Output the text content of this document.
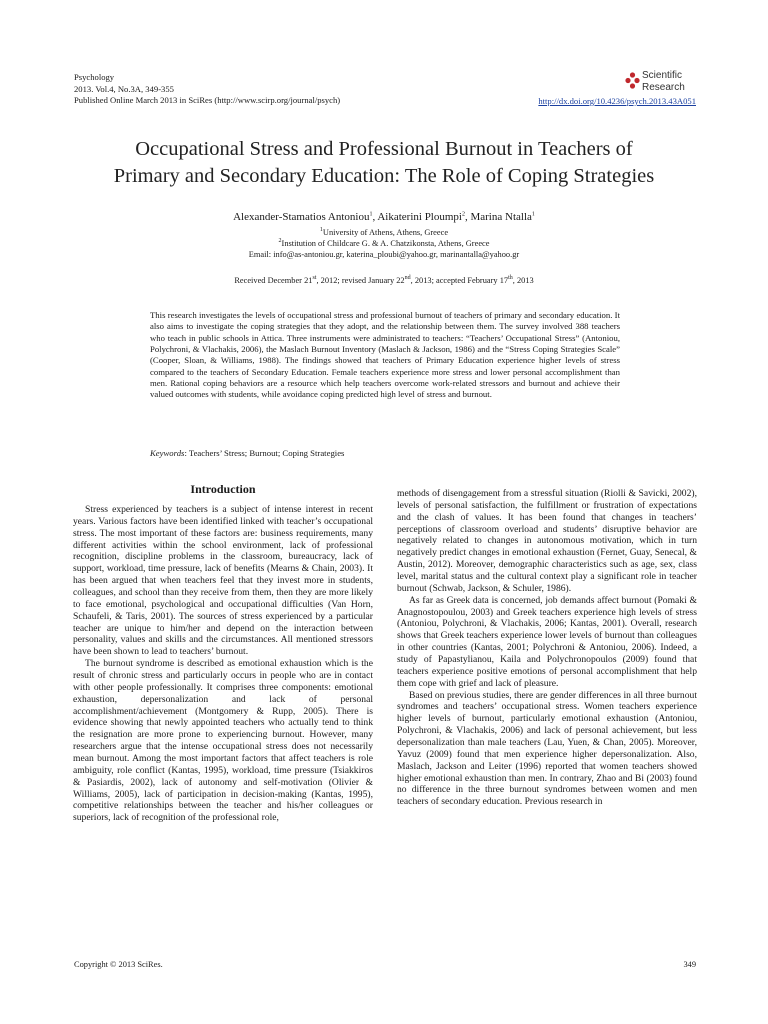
Psychology
2013. Vol.4, No.3A, 349-355
Published Online March 2013 in SciRes (http://www.scirp.org/journal/psych)
Scientific
Research
http://dx.doi.org/10.4236/psych.2013.43A051
Occupational Stress and Professional Burnout in Teachers of
Primary and Secondary Education: The Role of Coping Strategies
Alexander-Stamatios Antoniou$^1$, Aikaterini Ploumpi$^2$, Marina Ntalla$^1$
$^1$University of Athens, Athens, Greece
$^2$Institution of Childcare G. & A. Chatzikonsta, Athens, Greece
Email: info@as-antoniou.gr, katerina_ploubi@yahoo.gr, marinantalla@yahoo.gr
Received December 21st, 2012; revised January 22nd, 2013; accepted February 17th, 2013
This research investigates the levels of occupational stress and professional burnout of teachers of primary and secondary education. It also aims to investigate the coping strategies that they adopt, and the relationship between them. The survey involved 388 teachers who teach in public schools in Attica. Three instruments were administrated to teachers: “Teachers’ Occupational Stress” (Antoniou, Polychroni, & Vlachakis, 2006), the Maslach Burnout Inventory (Maslach & Jackson, 1986) and the “Stress Coping Strategies Scale” (Cooper, Sloan, & Williams, 1988). The findings showed that teachers of Primary Education experience higher levels of stress compared to the teachers of Secondary Education. Female teachers experience more stress and lower personal accomplishment than men. Rational coping behaviors are a resource which help teachers overcome work-related stressors and burnout and achieve their valued outcomes with students, while avoidance coping predicted high level of stress and burnout.
Keywords: Teachers’ Stress; Burnout; Coping Strategies
Introduction

Stress experienced by teachers is a subject of intense interest in recent years. Various factors have been identified linked with teacher’s occupational stress. The most important of these factors are: business requirements, many different activities within the school environment, lack of professional recognition, discipline problems in the classroom, bureaucracy, lack of support, workload, time pressure, lack of benefits (Mearns & Chain, 2003). It has been argued that when teachers feel that they invest more in students, colleagues, and school than they receive from them, then they are more likely to face emotional, psychological and occupational difficulties (Van Horn, Schaufeli, & Taris, 2001). The sources of stress experienced by a particular teacher are unique to him/her and depend on the interaction between personality, values and skills and the circumstances. All mentioned stressors have been shown to lead to teachers’ burnout.

The burnout syndrome is described as emotional exhaustion which is the result of chronic stress and particularly occurs in people who are in contact with other people professionally. It comprises three components: emotional exhaustion, depersonalization and lack of personal accomplishment/achievement (Montgomery & Rupp, 2005). There is evidence showing that newly appointed teachers who actually tend to think the resignation are more prone to experiencing burnout. However, many researchers argue that the intense occupational stress does not necessarily mean burnout. Among the most important factors that affect teachers is role ambiguity, role conflict (Kantas, 1995), workload, time pressure (Tsiakkiros & Pasiardis, 2002), lack of autonomy and self-motivation (Olivier & Williams, 2005), lack of participation in decision-making (Kantas, 1995), competitive relationships between the teacher and his/her colleagues or superiors, lack of recognition of the professional role,

methods of disengagement from a stressful situation (Riolli & Savicki, 2002), levels of personal satisfaction, the fulfillment or frustration of expectations and the clash of values. It has been found that changes in teachers’ perceptions of classroom overload and students’ disruptive behavior are negatively related to changes in autonomous motivation, which in turn negatively predict changes in emotional exhaustion (Fernet, Guay, Senecal, & Austin, 2012). Moreover, demographic characteristics such as age, sex, class level, marital status and the cultural context play a significant role in teacher burnout (Schwab, Jackson, & Schuler, 1986).

As far as Greek data is concerned, job demands affect burnout (Pomaki & Anagnostopoulou, 2003) and Greek teachers experience high levels of stress (Antoniou, Polychroni, & Vlachakis, 2006; Kantas, 2001). Overall, research shows that Greek teachers experience lower levels of burnout than colleagues in other countries (Kantas, 2001; Polychroni & Antoniou, 2006). Indeed, a study of Papastylianou, Kaila and Polychronopoulos (2009) found that teachers experience positive emotions of personal accomplishment that help them cope with grief and lack of pleasure.

Based on previous studies, there are gender differences in all three burnout syndromes and teachers’ occupational stress. Women teachers experience higher levels of burnout, particularly emotional exhaustion (Antoniou, Polychroni, & Vlachakis, 2006) and lack of personal achievement, but less depersonalization than male teachers (Lau, Yuen, & Chan, 2005). Moreover, Yavuz (2009) found that men experience higher depersonalization. Also, Maslach, Jackson and Leiter (1996) reported that women teachers showed higher emotional exhaustion than men. In contrary, Zhao and Bi (2003) found no difference in the three burnout syndromes between women and men teachers of secondary education. Previous research in

Copyright © 2013 SciRes.	349
